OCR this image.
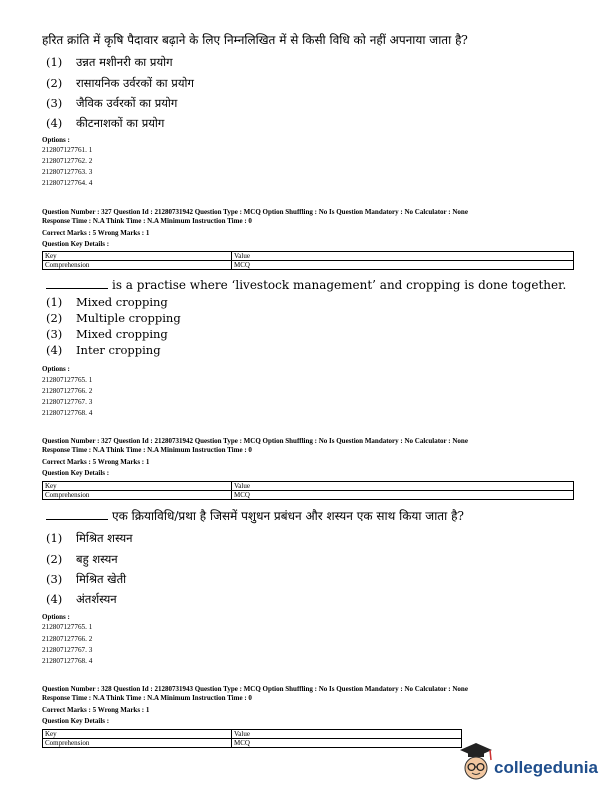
हरित क्रांति में कृषि पैदावार बढ़ाने के लिए निम्नलिखित में से किसी विधि को नहीं अपनाया जाता है?
(1) उन्नत मशीनरी का प्रयोग
(2) रासायनिक उर्वरकों का प्रयोग
(3) जैविक उर्वरकों का प्रयोग
(4) कीटनाशकों का प्रयोग
Options :
212807127761. 1
212807127762. 2
212807127763. 3
212807127764. 4
Question Number : 327 Question Id : 21280731942 Question Type : MCQ Option Shuffling : No Is Question Mandatory : No Calculator : None
Response Time : N.A Think Time : N.A Minimum Instruction Time : 0
Correct Marks : 5 Wrong Marks : 1
Question Key Details :
Key	Value
Comprehension	MCQ
is a practise where ‘livestock management’ and cropping is done together.
(1) Mixed cropping
(2) Multiple cropping
(3) Mixed cropping
(4) Inter cropping
Options :
212807127765. 1
212807127766. 2
212807127767. 3
212807127768. 4
Question Number : 327 Question Id : 21280731942 Question Type : MCQ Option Shuffling : No Is Question Mandatory : No Calculator : None
Response Time : N.A Think Time : N.A Minimum Instruction Time : 0
Correct Marks : 5 Wrong Marks : 1
Question Key Details :
Key	Value
Comprehension	MCQ
एक क्रियाविधि/प्रथा है जिसमें पशुधन प्रबंधन और शस्यन एक साथ किया जाता है?
(1) मिश्रित शस्यन
(2) बहु शस्यन
(3) मिश्रित खेती
(4) अंतर्शस्यन
Options :
212807127765. 1
212807127766. 2
212807127767. 3
212807127768. 4
Question Number : 328 Question Id : 21280731943 Question Type : MCQ Option Shuffling : No Is Question Mandatory : No Calculator : None
Response Time : N.A Think Time : N.A Minimum Instruction Time : 0
Correct Marks : 5 Wrong Marks : 1
Question Key Details :
Key	Value
Comprehension	MCQ
collegedunia
